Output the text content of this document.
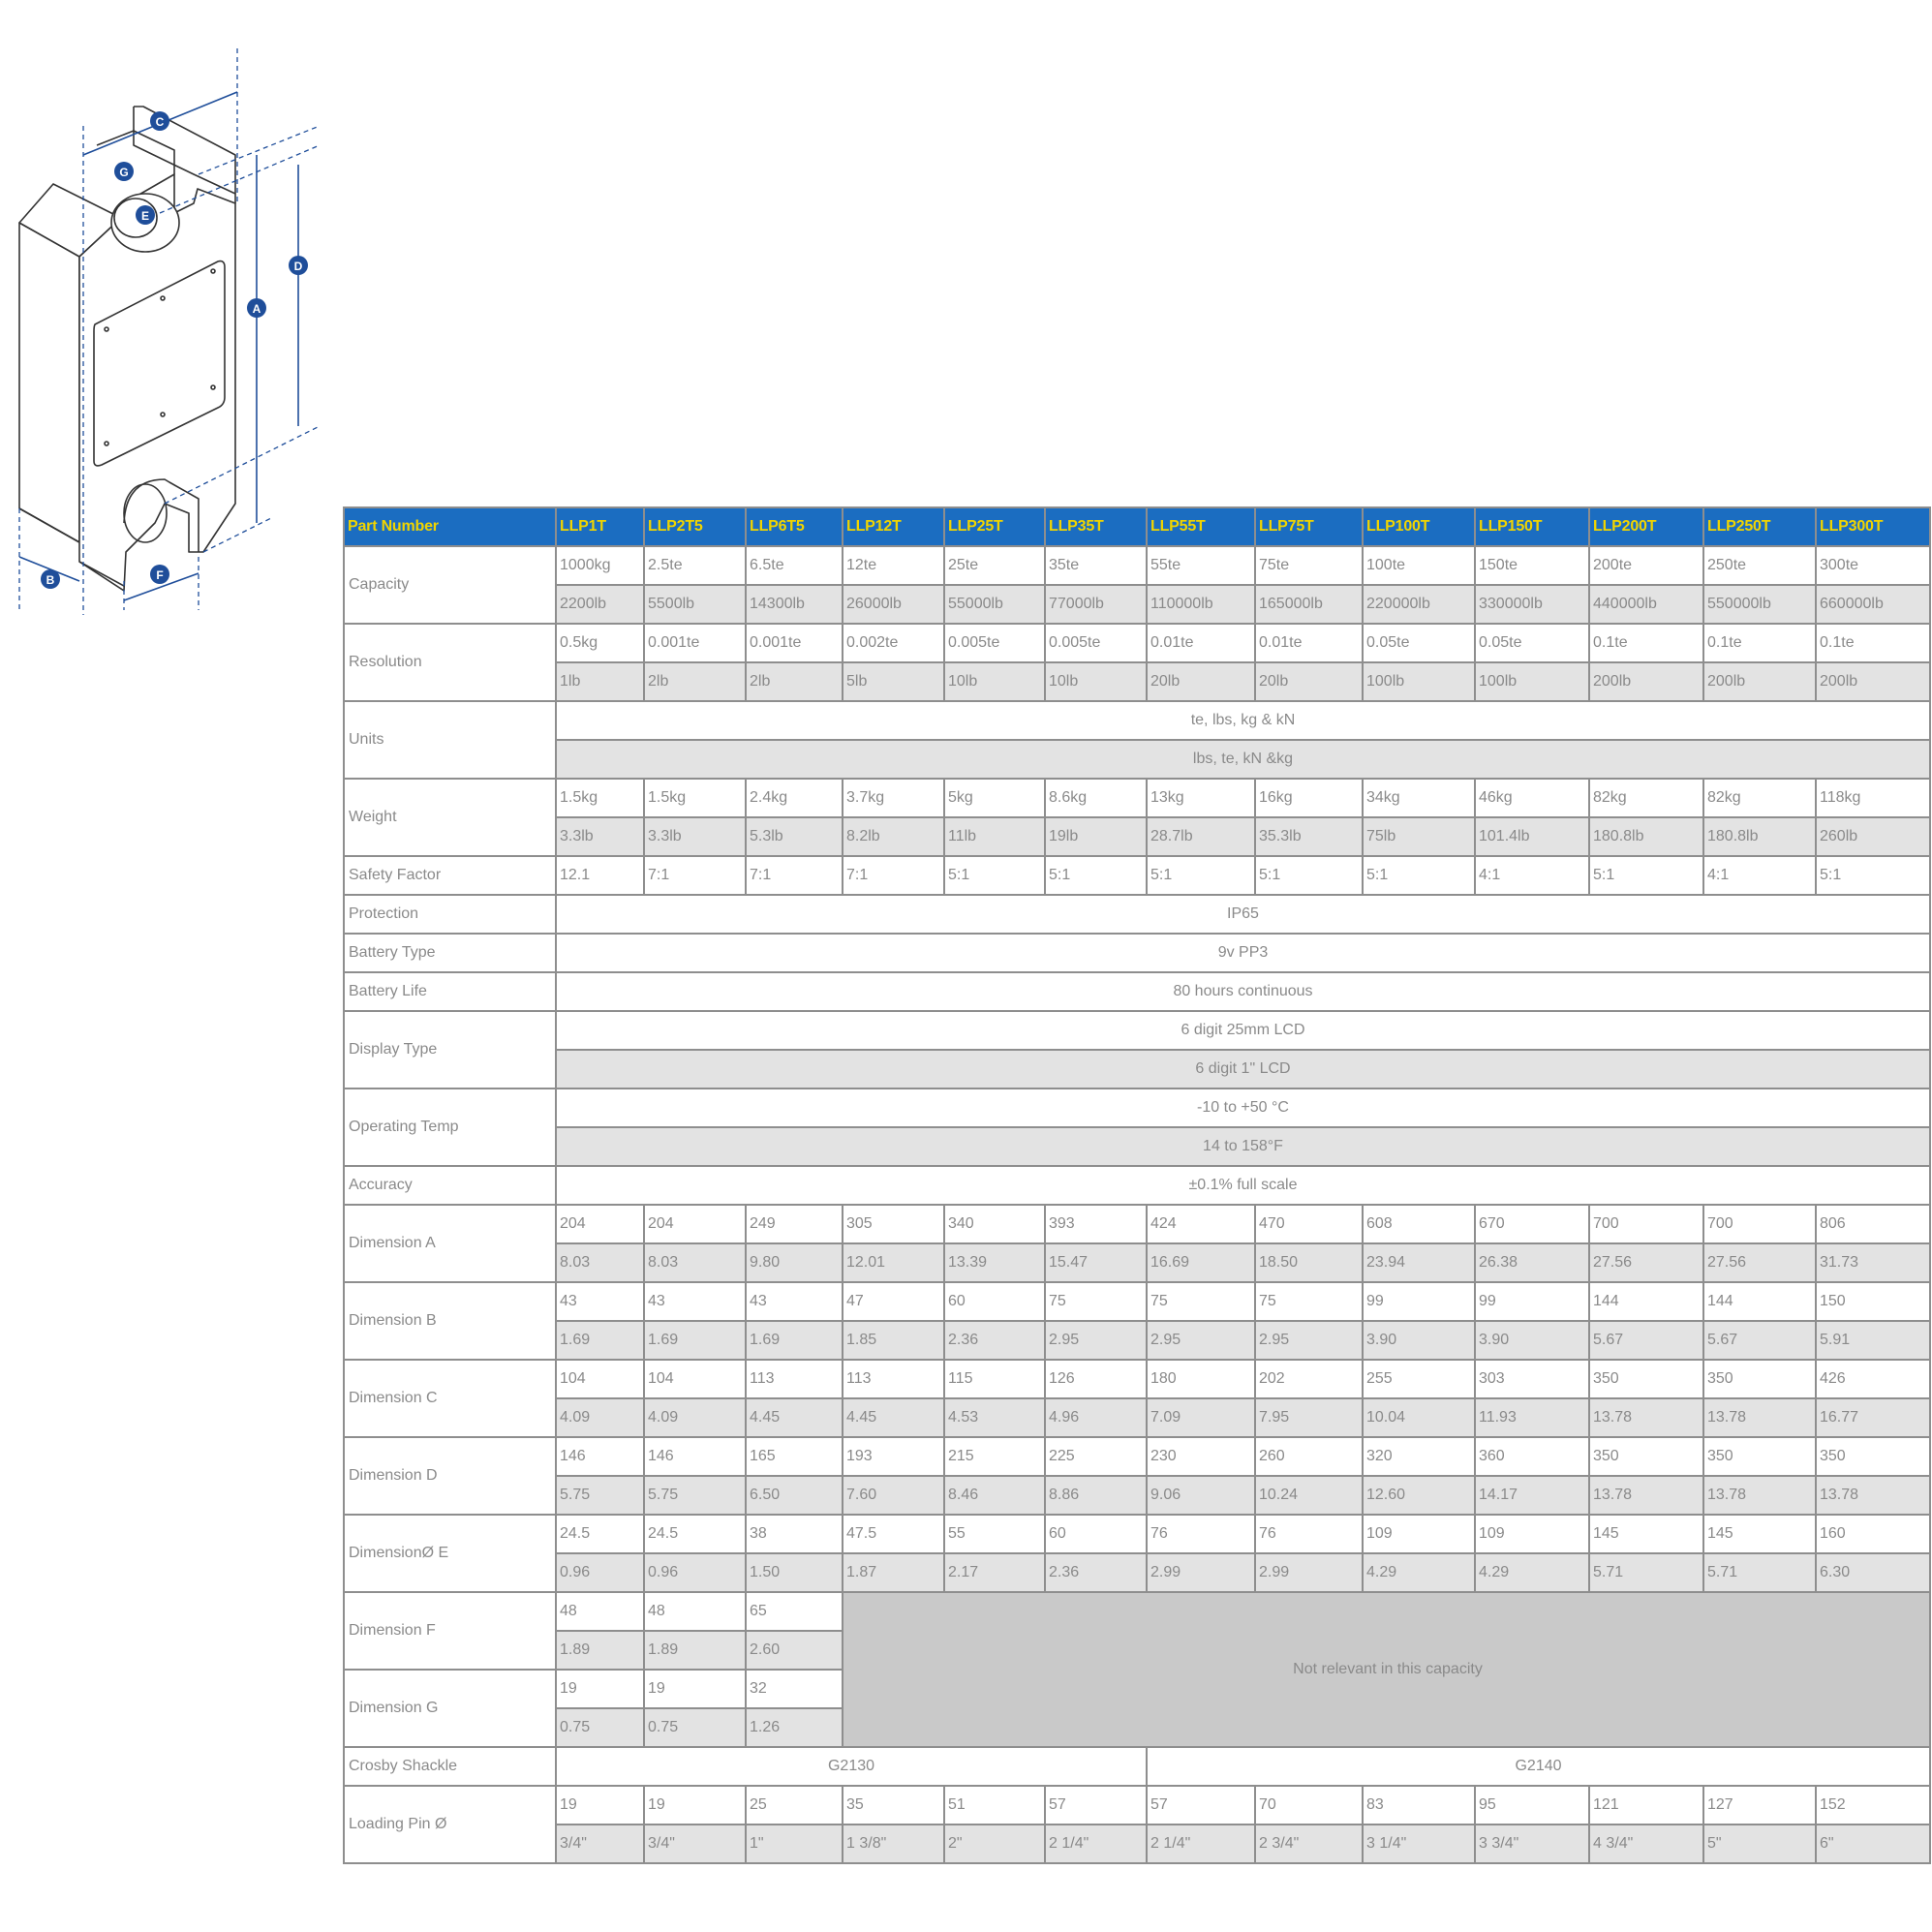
C
G
E
D
A
B	F
Part Number	LLP1T	LLP2T5	LLP6T5	LLP12T	LLP25T	LLP35T	LLP55T	LLP75T	LLP100T	LLP150T	LLP200T	LLP250T	LLP300T
Capacity	1000kg	2.5te	6.5te	12te	25te	35te	55te	75te	100te	150te	200te	250te	300te
	2200lb	5500lb	14300lb	26000lb	55000lb	77000lb	110000lb	165000lb	220000lb	330000lb	440000lb	550000lb	660000lb
Resolution	0.5kg	0.001te	0.001te	0.002te	0.005te	0.005te	0.01te	0.01te	0.05te	0.05te	0.1te	0.1te	0.1te
	1lb	2lb	2lb	5lb	10lb	10lb	20lb	20lb	100lb	100lb	200lb	200lb	200lb
Units	te, lbs, kg & kN												
	lbs, te, kN &kg												
Weight	1.5kg	1.5kg	2.4kg	3.7kg	5kg	8.6kg	13kg	16kg	34kg	46kg	82kg	82kg	118kg
	3.3lb	3.3lb	5.3lb	8.2lb	11lb	19lb	28.7lb	35.3lb	75lb	101.4lb	180.8lb	180.8lb	260lb
Safety Factor	12.1	7:1	7:1	7:1	5:1	5:1	5:1	5:1	5:1	4:1	5:1	4:1	5:1
Protection	IP65												
Battery Type	9v PP3												
Battery Life	80 hours continuous												
Display Type	6 digit 25mm LCD												
	6 digit 1" LCD												
Operating Temp	-10 to +50 °C												
	14 to 158°F												
Accuracy	±0.1% full scale												
Dimension A	204	204	249	305	340	393	424	470	608	670	700	700	806
	8.03	8.03	9.80	12.01	13.39	15.47	16.69	18.50	23.94	26.38	27.56	27.56	31.73
Dimension B	43	43	43	47	60	75	75	75	99	99	144	144	150
	1.69	1.69	1.69	1.85	2.36	2.95	2.95	2.95	3.90	3.90	5.67	5.67	5.91
Dimension C	104	104	113	113	115	126	180	202	255	303	350	350	426
	4.09	4.09	4.45	4.45	4.53	4.96	7.09	7.95	10.04	11.93	13.78	13.78	16.77
Dimension D	146	146	165	193	215	225	230	260	320	360	350	350	350
	5.75	5.75	6.50	7.60	8.46	8.86	9.06	10.24	12.60	14.17	13.78	13.78	13.78
DimensionØ E	24.5	24.5	38	47.5	55	60	76	76	109	109	145	145	160
	0.96	0.96	1.50	1.87	2.17	2.36	2.99	2.99	4.29	4.29	5.71	5.71	6.30
Dimension F	48	48	65	Not relevant in this capacity									
	1.89	1.89	2.60										
Dimension G	19	19	32										
	0.75	0.75	1.26										
Crosby Shackle	G2130						G2140						
Loading Pin Ø	19	19	25	35	51	57	57	70	83	95	121	127	152
	3/4"	3/4"	1"	1 3/8"	2"	2 1/4"	2 1/4"	2 3/4"	3 1/4"	3 3/4"	4 3/4"	5"	6"
